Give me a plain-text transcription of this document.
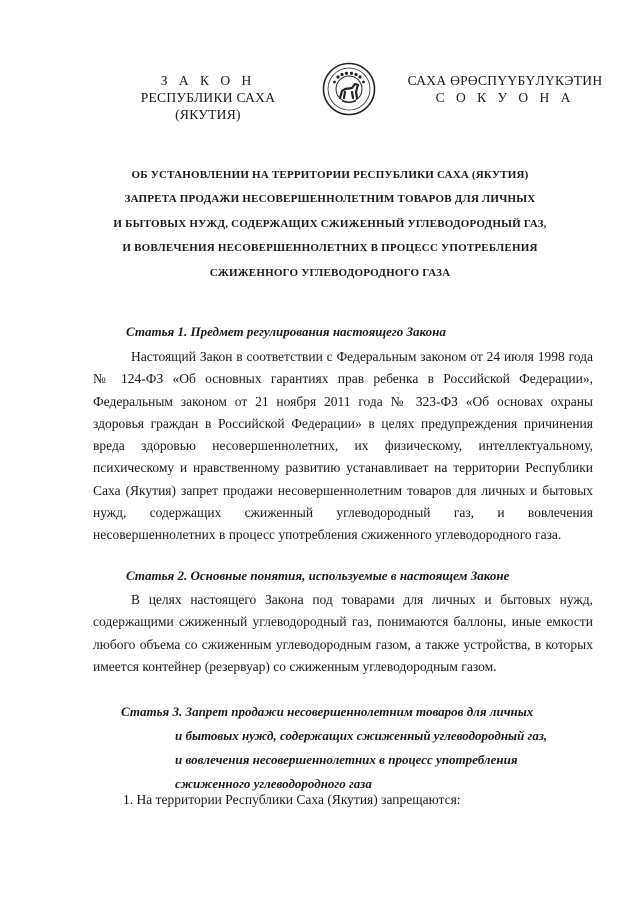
З А К О Н
РЕСПУБЛИКИ САХА (ЯКУТИЯ)
САХА ӨРӨСПҮҮБҮЛҮКЭТИН
С О К У О Н А
ОБ УСТАНОВЛЕНИИ НА ТЕРРИТОРИИ РЕСПУБЛИКИ САХА (ЯКУТИЯ)
ЗАПРЕТА ПРОДАЖИ НЕСОВЕРШЕННОЛЕТНИМ ТОВАРОВ ДЛЯ ЛИЧНЫХ
И БЫТОВЫХ НУЖД, СОДЕРЖАЩИХ СЖИЖЕННЫЙ УГЛЕВОДОРОДНЫЙ ГАЗ,
И ВОВЛЕЧЕНИЯ НЕСОВЕРШЕННОЛЕТНИХ В ПРОЦЕСС УПОТРЕБЛЕНИЯ
СЖИЖЕННОГО УГЛЕВОДОРОДНОГО ГАЗА
Статья 1. Предмет регулирования настоящего Закона

Настоящий Закон в соответствии с Федеральным законом от 24 июля 1998 года № 124-ФЗ «Об основных гарантиях прав ребенка в Российской Федерации», Федеральным законом от 21 ноября 2011 года № 323-ФЗ «Об основах охраны здоровья граждан в Российской Федерации» в целях предупреждения причинения вреда здоровью несовершеннолетних, их физическому, интеллектуальному, психическому и нравственному развитию устанавливает на территории Республики Саха (Якутия) запрет продажи несовершеннолетним товаров для личных и бытовых нужд, содержащих сжиженный углеводородный газ, и вовлечения несовершеннолетних в процесс употребления сжиженного углеводородного газа.

Статья 2. Основные понятия, используемые в настоящем Законе

В целях настоящего Закона под товарами для личных и бытовых нужд, содержащими сжиженный углеводородный газ, понимаются баллоны, иные емкости любого объема со сжиженным углеводородным газом, а также устройства, в которых имеется контейнер (резервуар) со сжиженным углеводородным газом.

Статья 3. Запрет продажи несовершеннолетним товаров для личных
и бытовых нужд, содержащих сжиженный углеводородный газ,
и вовлечения несовершеннолетних в процесс употребления
сжиженного углеводородного газа
1. На территории Республики Саха (Якутия) запрещаются:
